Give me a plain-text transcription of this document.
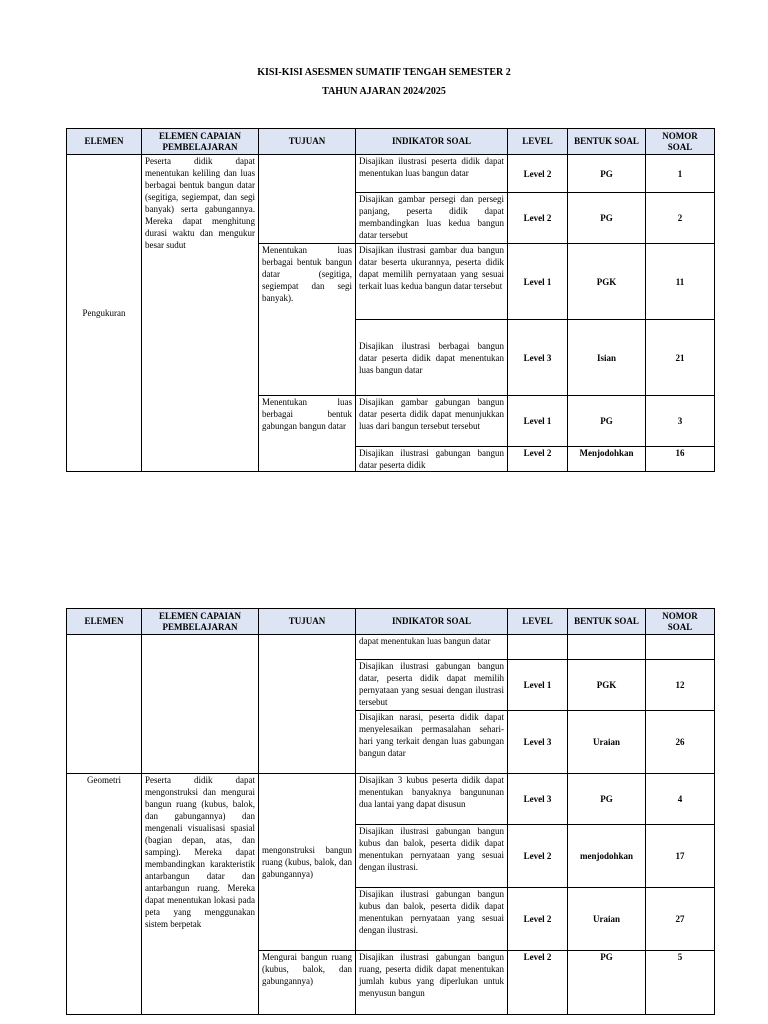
KISI-KISI ASESMEN SUMATIF TENGAH SEMESTER 2
TAHUN AJARAN 2024/2025
ELEMEN	ELEMEN CAPAIAN PEMBELAJARAN	TUJUAN	INDIKATOR SOAL	LEVEL	BENTUK SOAL	NOMOR SOAL
Pengukuran	Peserta didik dapat menentukan keliling dan luas berbagai bentuk bangun datar (segitiga, segiempat, dan segi banyak) serta gabungannya. Mereka dapat menghitung durasi waktu dan mengukur besar sudut		Disajikan ilustrasi peserta didik dapat menentukan luas bangun datar	Level 2	PG	1
			Disajikan gambar persegi dan persegi panjang, peserta didik dapat membandingkan luas kedua bangun datar tersebut	Level 2	PG	2
		Menentukan luas berbagai bentuk bangun datar (segitiga, segiempat dan segi banyak).	Disajikan ilustrasi gambar dua bangun datar beserta ukurannya, peserta didik dapat memilih pernyataan yang sesuai terkait luas kedua bangun datar tersebut	Level 1	PGK	11
			Disajikan ilustrasi berbagai bangun datar peserta didik dapat menentukan luas bangun datar	Level 3	Isian	21
		Menentukan luas berbagai bentuk gabungan bangun datar	Disajikan gambar gabungan bangun datar peserta didik dapat menunjukkan luas dari bangun tersebut tersebut	Level 1	PG	3
			Disajikan ilustrasi gabungan bangun datar peserta didik	Level 2	Menjodohkan	16
ELEMEN	ELEMEN CAPAIAN PEMBELAJARAN	TUJUAN	INDIKATOR SOAL	LEVEL	BENTUK SOAL	NOMOR SOAL
			dapat menentukan luas bangun datar			
			Disajikan ilustrasi gabungan bangun datar, peserta didik dapat memilih pernyataan yang sesuai dengan ilustrasi tersebut	Level 1	PGK	12
			Disajikan narasi, peserta didik dapat menyelesaikan permasalahan sehari-hari yang terkait dengan luas gabungan bangun datar	Level 3	Uraian	26
Geometri	Peserta didik dapat mengonstruksi dan mengurai bangun ruang (kubus, balok, dan gabungannya) dan mengenali visualisasi spasial (bagian depan, atas, dan samping). Mereka dapat membandingkan karakteristik antarbangun datar dan antarbangun ruang. Mereka dapat menentukan lokasi pada peta yang menggunakan sistem berpetak	mengonstruksi bangun ruang (kubus, balok, dan gabungannya)	Disajikan 3 kubus peserta didik dapat menentukan banyaknya bangununan dua lantai yang dapat disusun	Level 3	PG	4
			Disajikan ilustrasi gabungan bangun kubus dan balok, peserta didik dapat menentukan pernyataan yang sesuai dengan ilustrasi.	Level 2	menjodohkan	17
			Disajikan ilustrasi gabungan bangun kubus dan balok, peserta didik dapat menentukan pernyataan yang sesuai dengan ilustrasi.	Level 2	Uraian	27
		Mengurai bangun ruang (kubus, balok, dan gabungannya)	Disajikan ilustrasi gabungan bangun ruang, peserta didik dapat menentukan jumlah kubus yang diperlukan untuk menyusun bangun	Level 2	PG	5
